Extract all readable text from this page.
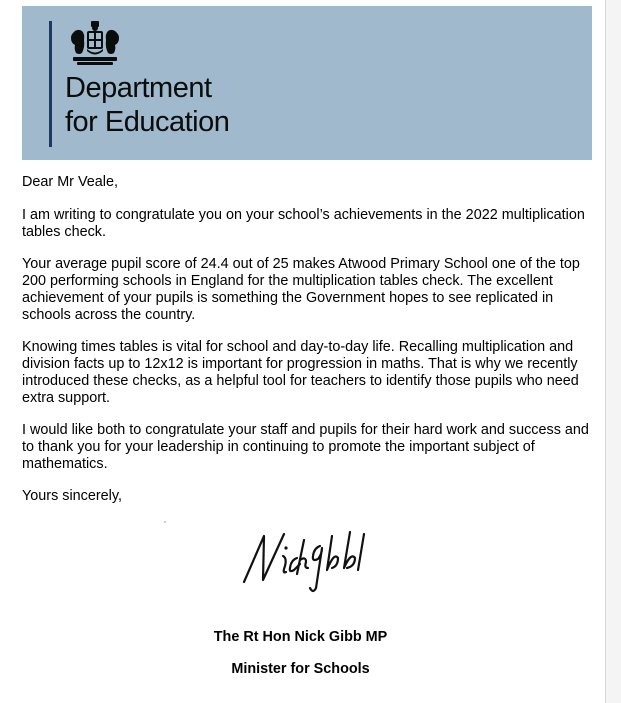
Department
for Education

Dear Mr Veale,

I am writing to congratulate you on your school’s achievements in the 2022 multiplication tables check.

Your average pupil score of 24.4 out of 25 makes Atwood Primary School one of the top 200 performing schools in England for the multiplication tables check. The excellent achievement of your pupils is something the Government hopes to see replicated in schools across the country.

Knowing times tables is vital for school and day-to-day life. Recalling multiplication and division facts up to 12x12 is important for progression in maths. That is why we recently introduced these checks, as a helpful tool for teachers to identify those pupils who need extra support.

I would like both to congratulate your staff and pupils for their hard work and success and to thank you for your leadership in continuing to promote the important subject of mathematics.

Yours sincerely,

The Rt Hon Nick Gibb MP
Minister for Schools
